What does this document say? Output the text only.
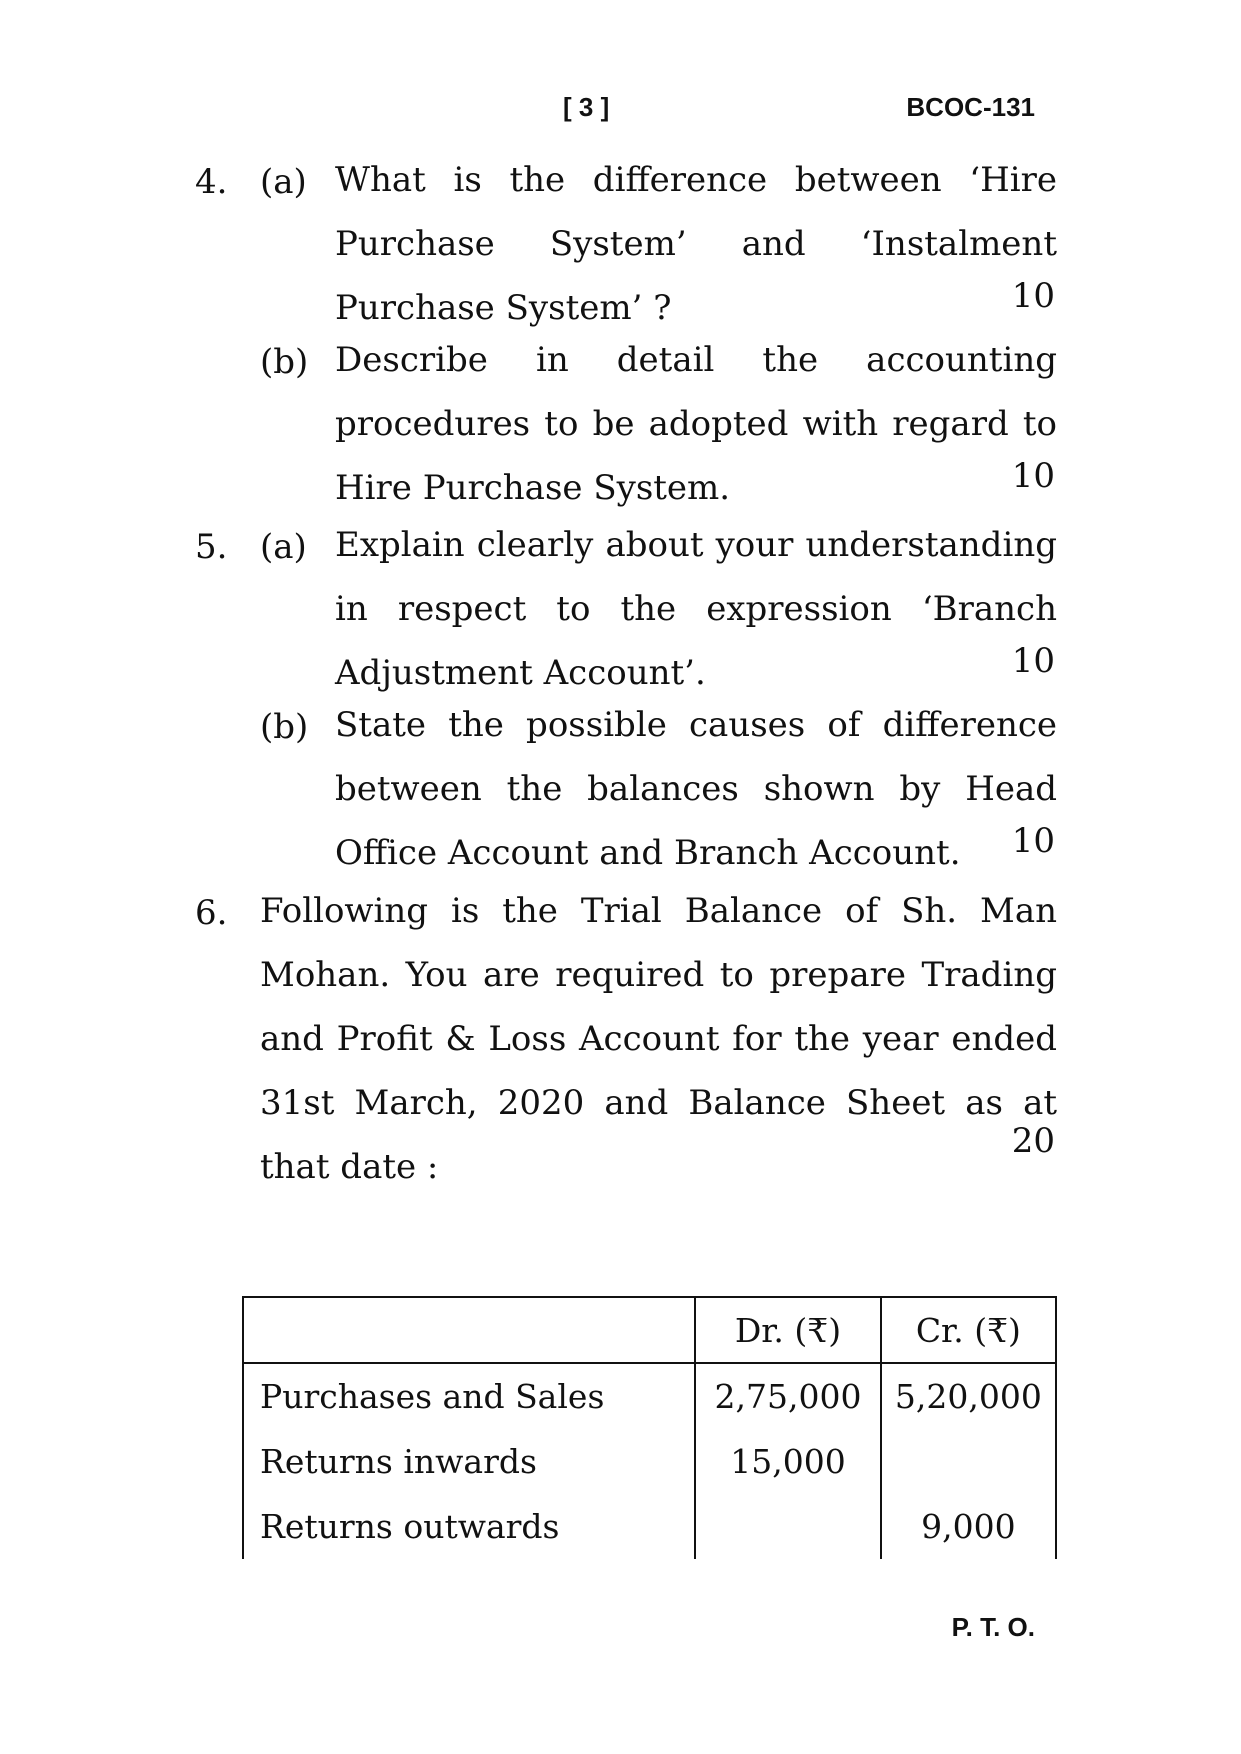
[ 3 ]	BCOC-131
4. (a) What is the difference between ‘Hire Purchase System’ and ‘Instalment Purchase System’ ?	10
(b) Describe in detail the accounting procedures to be adopted with regard to Hire Purchase System.	10
5. (a) Explain clearly about your understanding in respect to the expression ‘Branch Adjustment Account’.	10
(b) State the possible causes of difference between the balances shown by Head Office Account and Branch Account.	10
6. Following is the Trial Balance of Sh. Man Mohan. You are required to prepare Trading and Profit & Loss Account for the year ended 31st March, 2020 and Balance Sheet as at that date :
20
	Dr. (₹)	Cr. (₹)
Purchases and Sales	2,75,000	5,20,000
Returns inwards	15,000	
Returns outwards		9,000
P. T. O.
